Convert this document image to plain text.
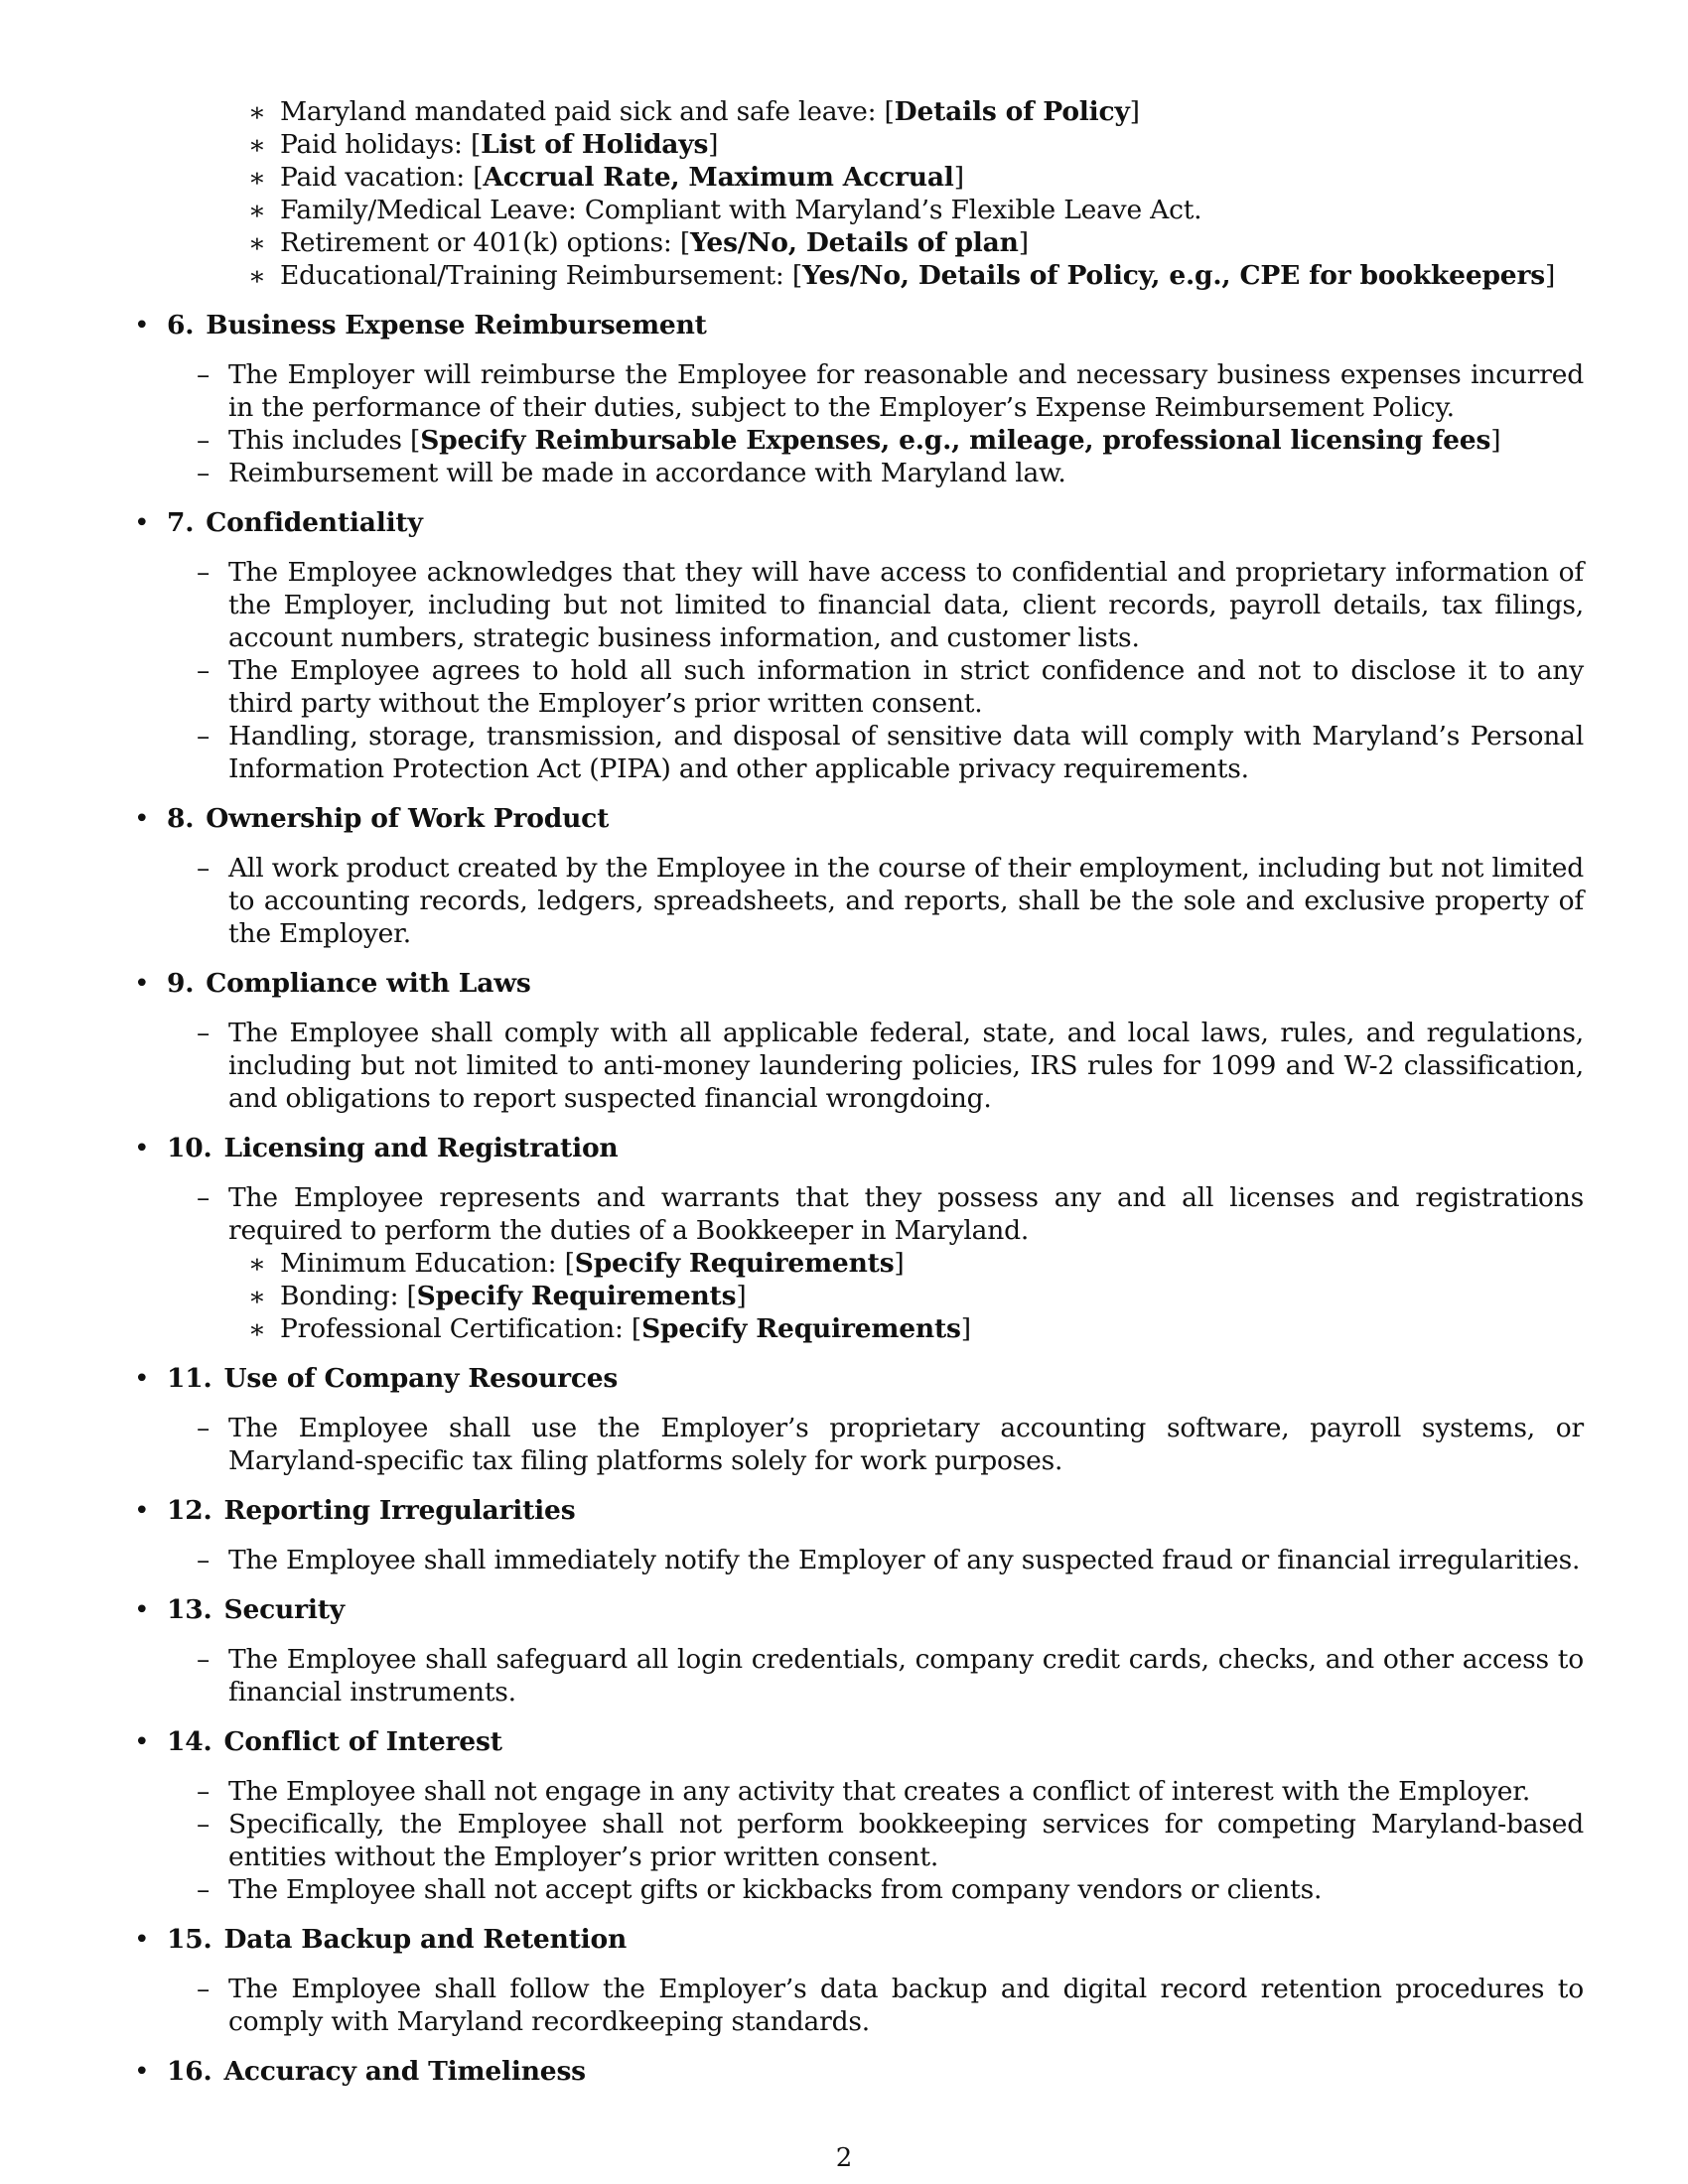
∗ Maryland mandated paid sick and safe leave: [Details of Policy]

∗ Paid holidays: [List of Holidays]

∗ Paid vacation: [Accrual Rate, Maximum Accrual]

∗ Family/Medical Leave: Compliant with Maryland’s Flexible Leave Act.

∗ Retirement or 401(k) options: [Yes/No, Details of plan]

∗ Educational/Training Reimbursement: [Yes/No, Details of Policy, e.g., CPE for bookkeepers]

• 6. Business Expense Reimbursement

– The Employer will reimburse the Employee for reasonable and necessary business expenses incurred in the performance of their duties, subject to the Employer’s Expense Reimbursement Policy.

– This includes [Specify Reimbursable Expenses, e.g., mileage, professional licensing fees]

– Reimbursement will be made in accordance with Maryland law.

• 7. Confidentiality

– The Employee acknowledges that they will have access to confidential and proprietary information of the Employer, including but not limited to financial data, client records, payroll details, tax filings, account numbers, strategic business information, and customer lists.

– The Employee agrees to hold all such information in strict confidence and not to disclose it to any third party without the Employer’s prior written consent.

– Handling, storage, transmission, and disposal of sensitive data will comply with Maryland’s Personal Information Protection Act (PIPA) and other applicable privacy requirements.

• 8. Ownership of Work Product

– All work product created by the Employee in the course of their employment, including but not limited to accounting records, ledgers, spreadsheets, and reports, shall be the sole and exclusive property of the Employer.

• 9. Compliance with Laws

– The Employee shall comply with all applicable federal, state, and local laws, rules, and regulations, including but not limited to anti-money laundering policies, IRS rules for 1099 and W-2 classification, and obligations to report suspected financial wrongdoing.

• 10. Licensing and Registration

– The Employee represents and warrants that they possess any and all licenses and registrations required to perform the duties of a Bookkeeper in Maryland.

∗ Minimum Education: [Specify Requirements]

∗ Bonding: [Specify Requirements]

∗ Professional Certification: [Specify Requirements]

• 11. Use of Company Resources

– The Employee shall use the Employer’s proprietary accounting software, payroll systems, or Maryland-specific tax filing platforms solely for work purposes.

• 12. Reporting Irregularities

– The Employee shall immediately notify the Employer of any suspected fraud or financial irregularities.

• 13. Security

– The Employee shall safeguard all login credentials, company credit cards, checks, and other access to financial instruments.

• 14. Conflict of Interest

– The Employee shall not engage in any activity that creates a conflict of interest with the Employer.

– Specifically, the Employee shall not perform bookkeeping services for competing Maryland-based entities without the Employer’s prior written consent.

– The Employee shall not accept gifts or kickbacks from company vendors or clients.

• 15. Data Backup and Retention

– The Employee shall follow the Employer’s data backup and digital record retention procedures to comply with Maryland recordkeeping standards.

• 16. Accuracy and Timeliness
2
